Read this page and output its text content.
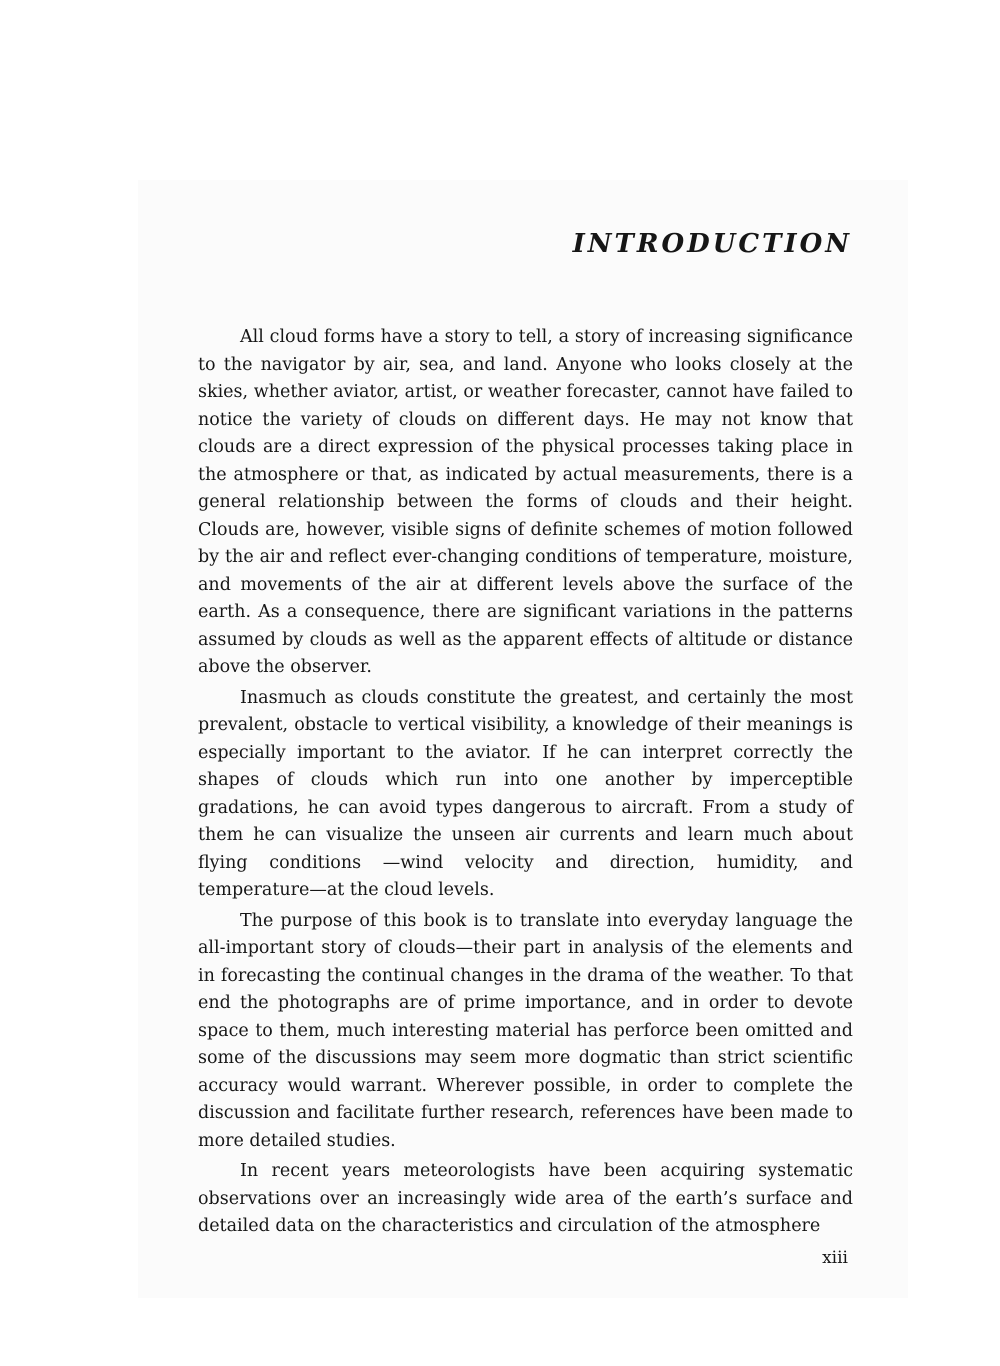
INTRODUCTION

All cloud forms have a story to tell, a story of increasing significance to the navigator by air, sea, and land. Anyone who looks closely at the skies, whether aviator, artist, or weather forecaster, cannot have failed to notice the variety of clouds on different days. He may not know that clouds are a direct expression of the physical processes taking place in the atmosphere or that, as indicated by actual measurements, there is a general relationship between the forms of clouds and their height. Clouds are, however, visible signs of definite schemes of motion followed by the air and reflect ever-changing conditions of temperature, moisture, and movements of the air at different levels above the surface of the earth. As a consequence, there are significant variations in the patterns assumed by clouds as well as the apparent effects of altitude or distance above the observer.

Inasmuch as clouds constitute the greatest, and certainly the most prevalent, obstacle to vertical visibility, a knowledge of their meanings is especially important to the aviator. If he can interpret correctly the shapes of clouds which run into one another by imperceptible gradations, he can avoid types dangerous to aircraft. From a study of them he can visualize the unseen air currents and learn much about flying conditions —wind velocity and direction, humidity, and temperature—at the cloud levels.

The purpose of this book is to translate into everyday language the all-important story of clouds—their part in analysis of the elements and in forecasting the continual changes in the drama of the weather. To that end the photographs are of prime importance, and in order to devote space to them, much interesting material has perforce been omitted and some of the discussions may seem more dogmatic than strict scientific accuracy would warrant. Wherever possible, in order to complete the discussion and facilitate further research, references have been made to more detailed studies.

In recent years meteorologists have been acquiring systematic observations over an increasingly wide area of the earth’s surface and detailed data on the characteristics and circulation of the atmosphere

xiii
